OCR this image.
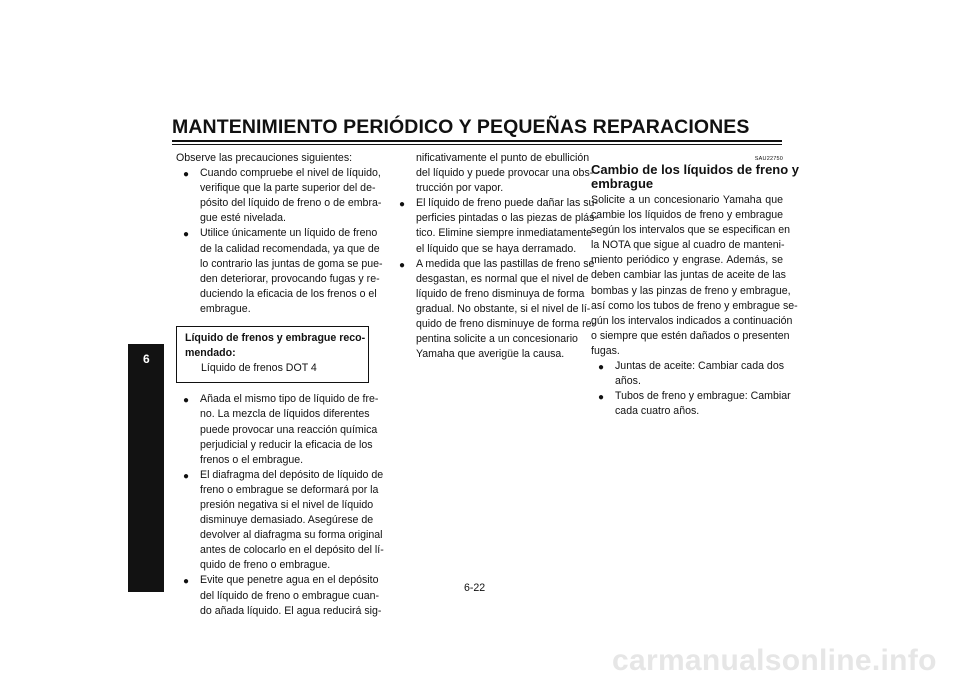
MANTENIMIENTO PERIÓDICO Y PEQUEÑAS REPARACIONES
6

Observe las precauciones siguientes:

● Cuando compruebe el nivel de líquido,
verifique que la parte superior del de-
pósito del líquido de freno o de embra-
gue esté nivelada.
● Utilice únicamente un líquido de freno
de la calidad recomendada, ya que de
lo contrario las juntas de goma se pue-
den deteriorar, provocando fugas y re-
duciendo la eficacia de los frenos o el
embrague.
Líquido de frenos y embrague reco-
mendado:
Líquido de frenos DOT 4
● Añada el mismo tipo de líquido de fre-
no. La mezcla de líquidos diferentes
puede provocar una reacción química
perjudicial y reducir la eficacia de los
frenos o el embrague.
● El diafragma del depósito de líquido de
freno o embrague se deformará por la
presión negativa si el nivel de líquido
disminuye demasiado. Asegúrese de
devolver al diafragma su forma original
antes de colocarlo en el depósito del lí-
quido de freno o embrague.
● Evite que penetre agua en el depósito
del líquido de freno o embrague cuan-
do añada líquido. El agua reducirá sig-
nificativamente el punto de ebullición
del líquido y puede provocar una obs-
trucción por vapor.
● El líquido de freno puede dañar las su-
perficies pintadas o las piezas de plás-
tico. Elimine siempre inmediatamente
el líquido que se haya derramado.
● A medida que las pastillas de freno se
desgastan, es normal que el nivel de
líquido de freno disminuya de forma
gradual. No obstante, si el nivel de lí-
quido de freno disminuye de forma re-
pentina solicite a un concesionario
Yamaha que averigüe la causa.
SAU22750
Cambio de los líquidos de freno y
embrague
Solicite a un concesionario Yamaha que
cambie los líquidos de freno y embrague
según los intervalos que se especifican en
la NOTA que sigue al cuadro de manteni-
miento periódico y engrase. Además, se
deben cambiar las juntas de aceite de las
bombas y las pinzas de freno y embrague,
así como los tubos de freno y embrague se-
gún los intervalos indicados a continuación
o siempre que estén dañados o presenten
fugas.
● Juntas de aceite: Cambiar cada dos
años.
● Tubos de freno y embrague: Cambiar
cada cuatro años.
6-22
carmanualsonline.info
